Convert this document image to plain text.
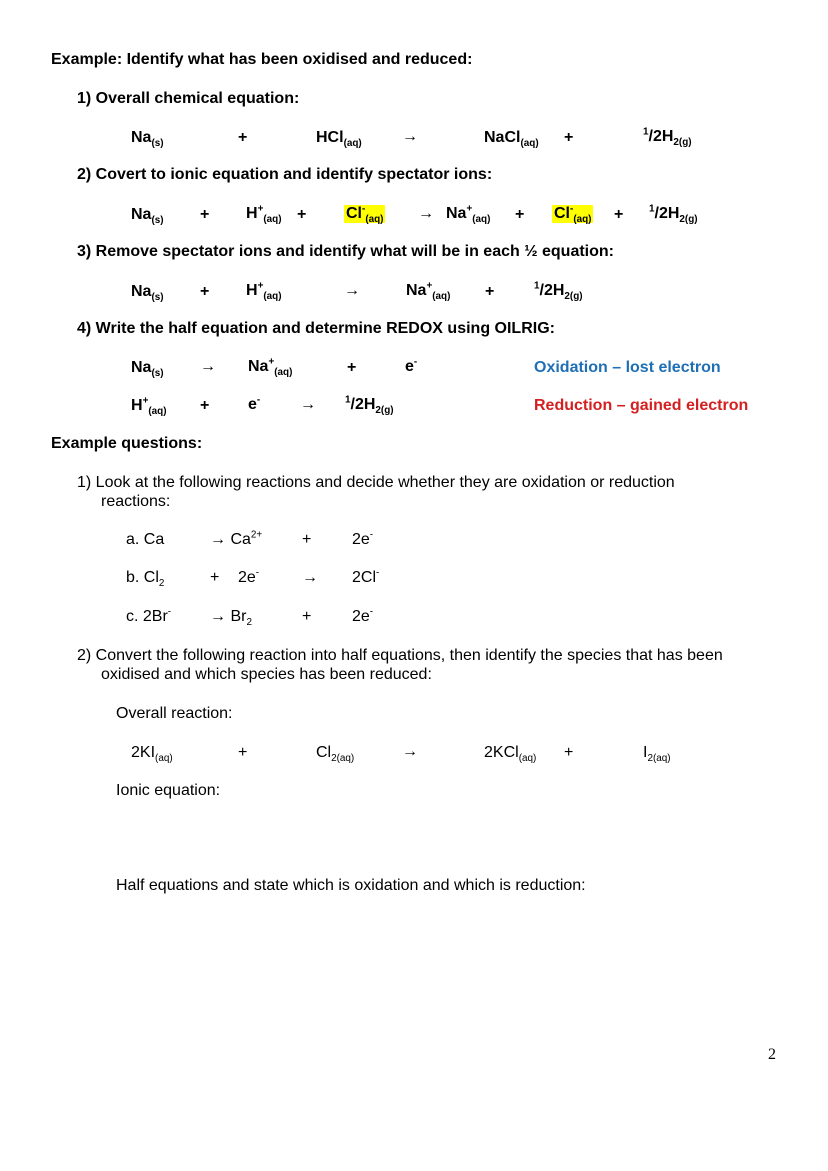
Example: Identify what has been oxidised and reduced:
1) Overall chemical equation:
$Na_{(s)}$	+	HCl$_{(aq)}$	→	NaCl$_{(aq)}$ +	$^1/2H_{2(g)}$
2) Covert to ionic equation and identify spectator ions:
$Na_{(s)} + H^+_{(aq)} + Cl^-_{(aq)} \to Na^+_{(aq)} + Cl^-_{(aq)}$ +	$^1/2H_{2(g)}$
3) Remove spectator ions and identify what will be in each ½ equation:
$Na_{(s)} + H^+_{(aq)}$	→	$Na^+_{(aq)}$ +	$^1/2H_{2(g)}$
4) Write the half equation and determine REDOX using OILRIG:
$Na_{(s)} \to Na^+_{(aq)}$	+	e-	Oxidation – lost electron
$H^+_{(aq)} + e^-$ →	$^1/2H_{2(g)}$	Reduction – gained electron
Example questions:
1) Look at the following reactions and decide whether they are oxidation or reduction
reactions:
a. Ca	→ $Ca^{2+}$ +	2e-
b. $Cl_2$	+ 2e-	→ 2Cl-
c. $2Br^- \to Br_2$	+	2e-
2) Convert the following reaction into half equations, then identify the species that has been
oxidised and which species has been reduced:
Overall reaction:
$2KI_{(aq)}$	+	$Cl_{2(aq)}$	→	2KCl$_{(aq)}$ +	$I_{2(aq)}$
Ionic equation:
Half equations and state which is oxidation and which is reduction:
2
